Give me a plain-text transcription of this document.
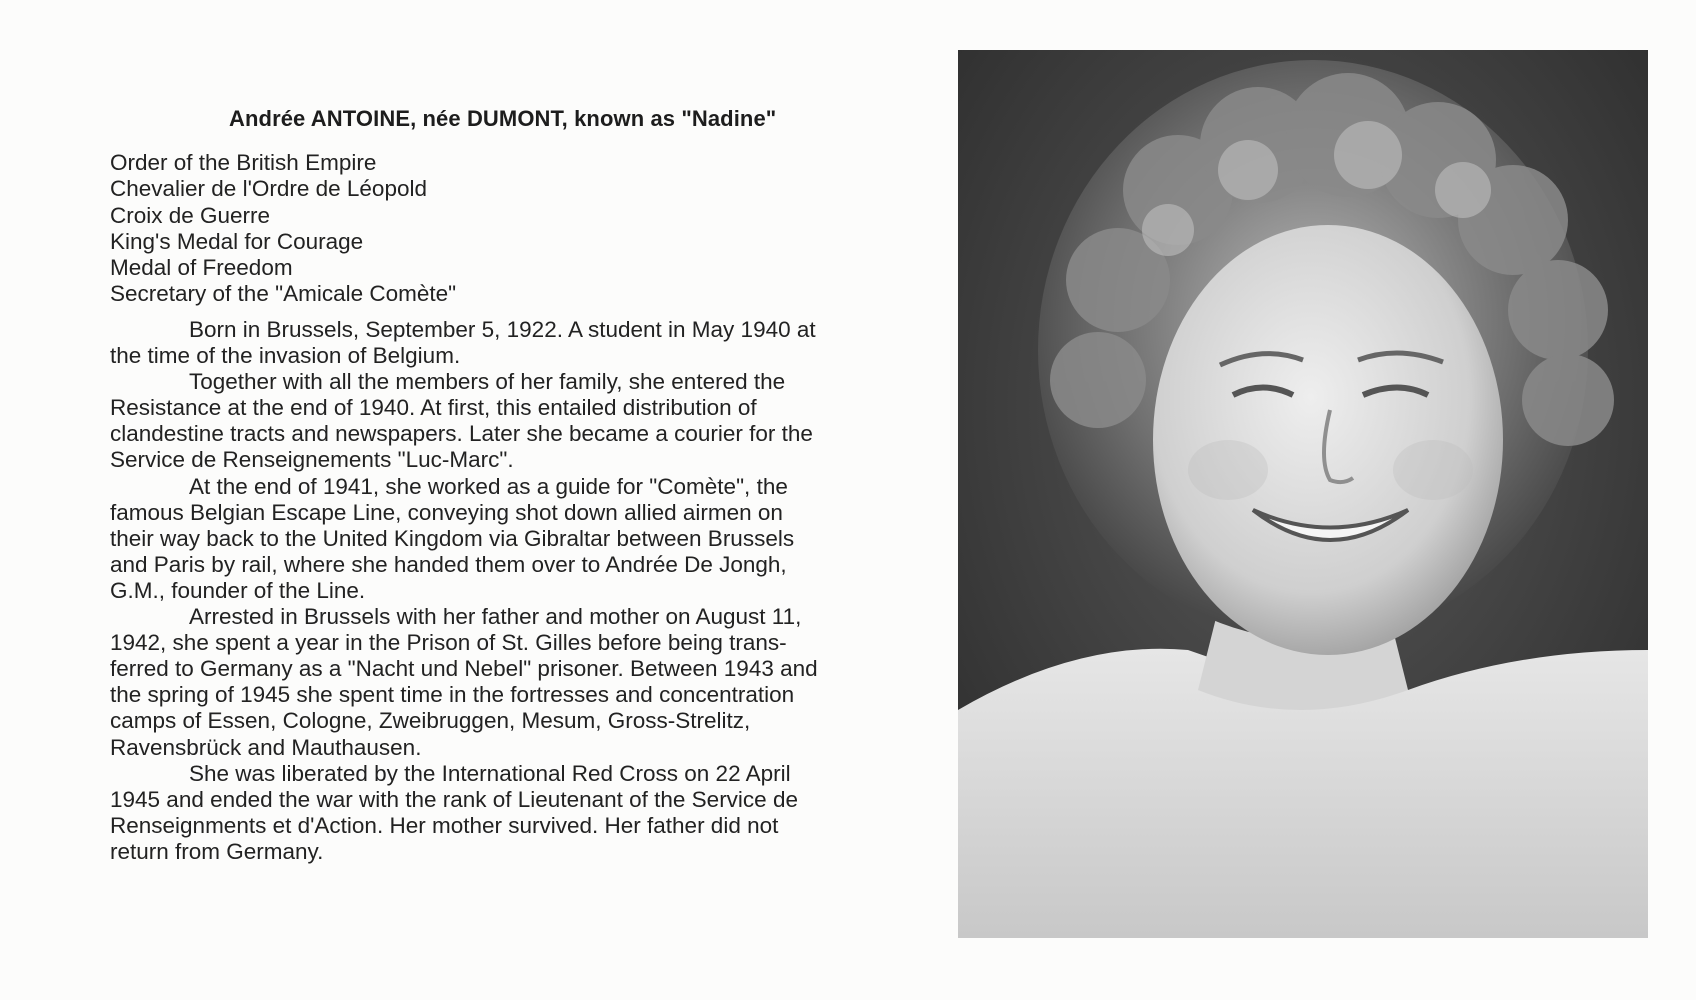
Andrée ANTOINE, née DUMONT, known as "Nadine"
Order of the British Empire
Chevalier de l'Ordre de Léopold
Croix de Guerre
King's Medal for Courage
Medal of Freedom
Secretary of the "Amicale Comète"
Born in Brussels, September 5, 1922. A student in May 1940 at
the time of the invasion of Belgium.
Together with all the members of her family, she entered the
Resistance at the end of 1940. At first, this entailed distribution of
clandestine tracts and newspapers. Later she became a courier for the
Service de Renseignements "Luc-Marc".
At the end of 1941, she worked as a guide for "Comète", the
famous Belgian Escape Line, conveying shot down allied airmen on
their way back to the United Kingdom via Gibraltar between Brussels
and Paris by rail, where she handed them over to Andrée De Jongh,
G.M., founder of the Line.
Arrested in Brussels with her father and mother on August 11,
1942, she spent a year in the Prison of St. Gilles before being trans-
ferred to Germany as a "Nacht und Nebel" prisoner. Between 1943 and
the spring of 1945 she spent time in the fortresses and concentration
camps of Essen, Cologne, Zweibruggen, Mesum, Gross-Strelitz,
Ravensbrück and Mauthausen.
She was liberated by the International Red Cross on 22 April
1945 and ended the war with the rank of Lieutenant of the Service de
Renseignments et d'Action. Her mother survived. Her father did not
return from Germany.
